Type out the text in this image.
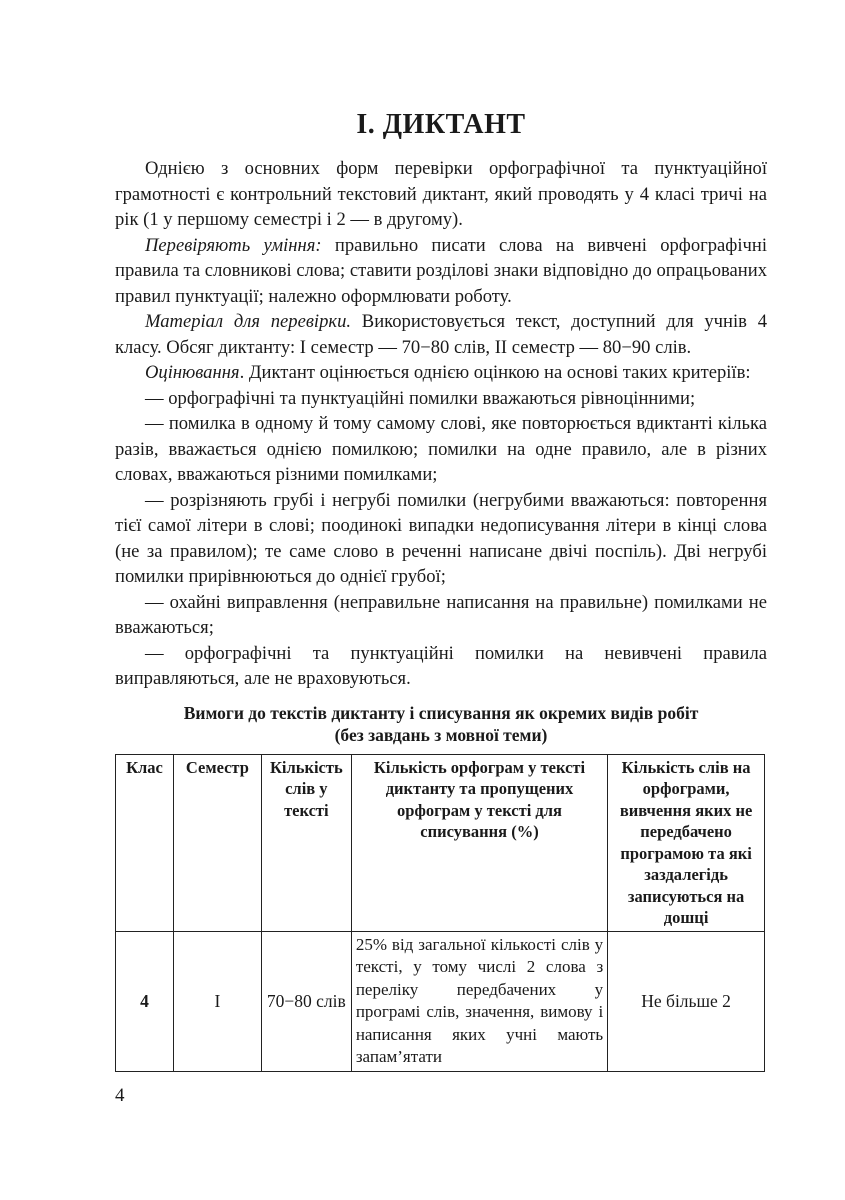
І. ДИКТАНТ

Однією з основних форм перевірки орфографічної та пунктуаційної грамотності є контрольний текстовий диктант, який проводять у 4 класі тричі на рік (1 у першому семестрі і 2 — в другому).

Перевіряють уміння: правильно писати слова на вивчені орфографічні правила та словникові слова; ставити розділові знаки відповідно до опрацьованих правил пунктуації; належно оформлювати роботу.

Матеріал для перевірки. Використовується текст, доступний для учнів 4 класу. Обсяг диктанту: І семестр — 70−80 слів, ІІ семестр — 80−90 слів.

Оцінювання. Диктант оцінюється однією оцінкою на основі таких критеріїв:

— орфографічні та пунктуаційні помилки вважаються рівноцінними;

— помилка в одному й тому самому слові, яке повторюється вдиктанті кілька разів, вважається однією помилкою; помилки на одне правило, але в різних словах, вважаються різними помилками;

— розрізняють грубі і негрубі помилки (негрубими вважаються: повторення тієї самої літери в слові; поодинокі випадки недописування літери в кінці слова (не за правилом); те саме слово в реченні написане двічі поспіль). Дві негрубі помилки прирівнюються до однієї грубої;

— охайні виправлення (неправильне написання на правильне) помилками не вважаються;

— орфографічні та пунктуаційні помилки на невивчені правила виправляються, але не враховуються.

Вимоги до текстів диктанту і списування як окремих видів робіт
(без завдань з мовної теми)
Клас	Семестр	Кількість слів у тексті	Кількість орфограм у тексті диктанту та пропущених орфограм у тексті для списування (%)	Кількість слів на орфограми, вивчення яких не передбачено програмою та які заздалегідь записуються на дошці
4	І	70−80 слів	25% від загальної кількості слів у тексті, у тому числі 2 слова з переліку передбачених у програмі слів, значення, вимову і написання яких учні мають запам’ятати	Не більше 2
4
